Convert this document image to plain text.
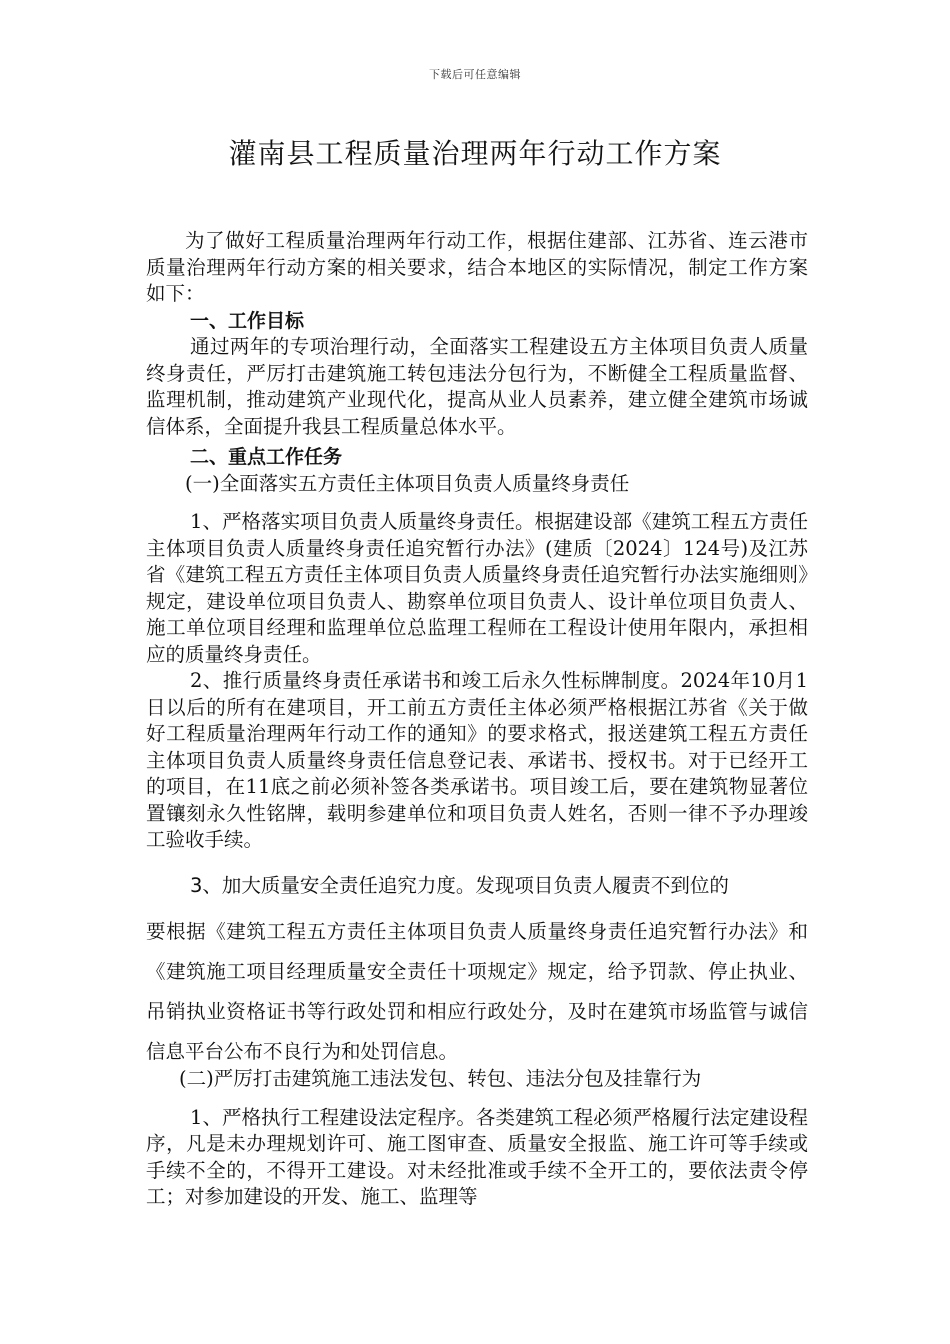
下载后可任意编辑
灌南县工程质量治理两年行动工作方案

为了做好工程质量治理两年行动工作，根据住建部、江苏省、连云港市质量治理两年行动方案的相关要求，结合本地区的实际情况，制定工作方案如下：

一、工作目标

通过两年的专项治理行动，全面落实工程建设五方主体项目负责人质量终身责任，严厉打击建筑施工转包违法分包行为，不断健全工程质量监督、监理机制，推动建筑产业现代化，提高从业人员素养，建立健全建筑市场诚信体系，全面提升我县工程质量总体水平。

二、重点工作任务

(一)全面落实五方责任主体项目负责人质量终身责任

1、严格落实项目负责人质量终身责任。根据建设部《建筑工程五方责任主体项目负责人质量终身责任追究暂行办法》(建质〔2024〕124号)及江苏省《建筑工程五方责任主体项目负责人质量终身责任追究暂行办法实施细则》规定，建设单位项目负责人、勘察单位项目负责人、设计单位项目负责人、施工单位项目经理和监理单位总监理工程师在工程设计使用年限内，承担相应的质量终身责任。

2、推行质量终身责任承诺书和竣工后永久性标牌制度。2024年10月1日以后的所有在建项目，开工前五方责任主体必须严格根据江苏省《关于做好工程质量治理两年行动工作的通知》的要求格式，报送建筑工程五方责任主体项目负责人质量终身责任信息登记表、承诺书、授权书。对于已经开工的项目，在11底之前必须补签各类承诺书。项目竣工后，要在建筑物显著位置镶刻永久性铭牌，载明参建单位和项目负责人姓名，否则一律不予办理竣工验收手续。

3、加大质量安全责任追究力度。发现项目负责人履责不到位的

要根据《建筑工程五方责任主体项目负责人质量终身责任追究暂行办法》和《建筑施工项目经理质量安全责任十项规定》规定，给予罚款、停止执业、吊销执业资格证书等行政处罚和相应行政处分，及时在建筑市场监管与诚信信息平台公布不良行为和处罚信息。

(二)严厉打击建筑施工违法发包、转包、违法分包及挂靠行为

1、严格执行工程建设法定程序。各类建筑工程必须严格履行法定建设程序，凡是未办理规划许可、施工图审查、质量安全报监、施工许可等手续或手续不全的，不得开工建设。对未经批准或手续不全开工的，要依法责令停工；对参加建设的开发、施工、监理等
